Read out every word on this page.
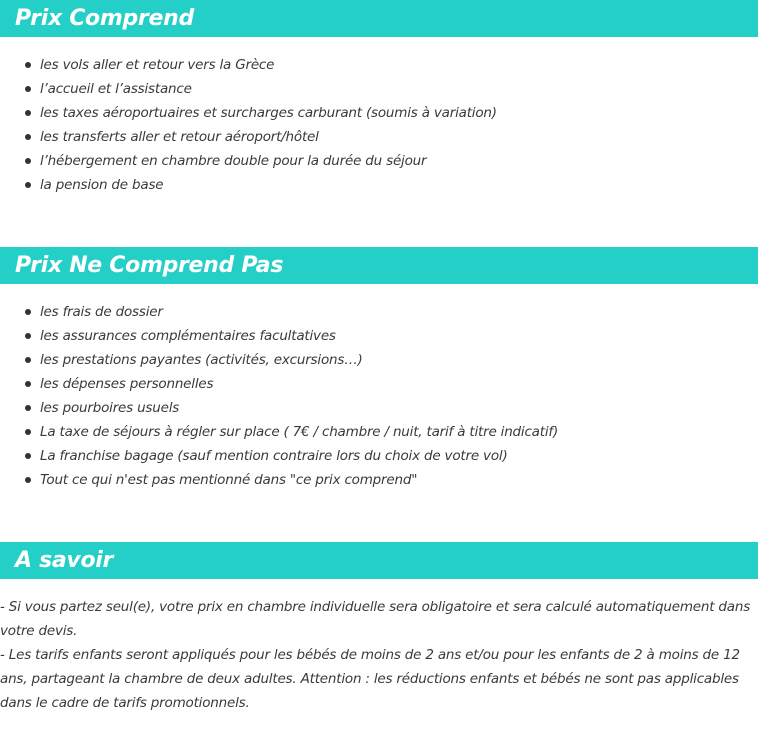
Prix Comprend
les vols aller et retour vers la Grèce
l’accueil et l’assistance
les taxes aéroportuaires et surcharges carburant (soumis à variation)
les transferts aller et retour aéroport/hôtel
l’hébergement en chambre double pour la durée du séjour
la pension de base
Prix Ne Comprend Pas
les frais de dossier
les assurances complémentaires facultatives
les prestations payantes (activités, excursions…)
les dépenses personnelles
les pourboires usuels
La taxe de séjours à régler sur place ( 7€ / chambre / nuit, tarif à titre indicatif)
La franchise bagage (sauf mention contraire lors du choix de votre vol)
Tout ce qui n'est pas mentionné dans "ce prix comprend"
A savoir

- Si vous partez seul(e), votre prix en chambre individuelle sera obligatoire et sera calculé automatiquement dans votre devis.

- Les tarifs enfants seront appliqués pour les bébés de moins de 2 ans et/ou pour les enfants de 2 à moins de 12 ans, partageant la chambre de deux adultes. Attention : les réductions enfants et bébés ne sont pas applicables dans le cadre de tarifs promotionnels.
